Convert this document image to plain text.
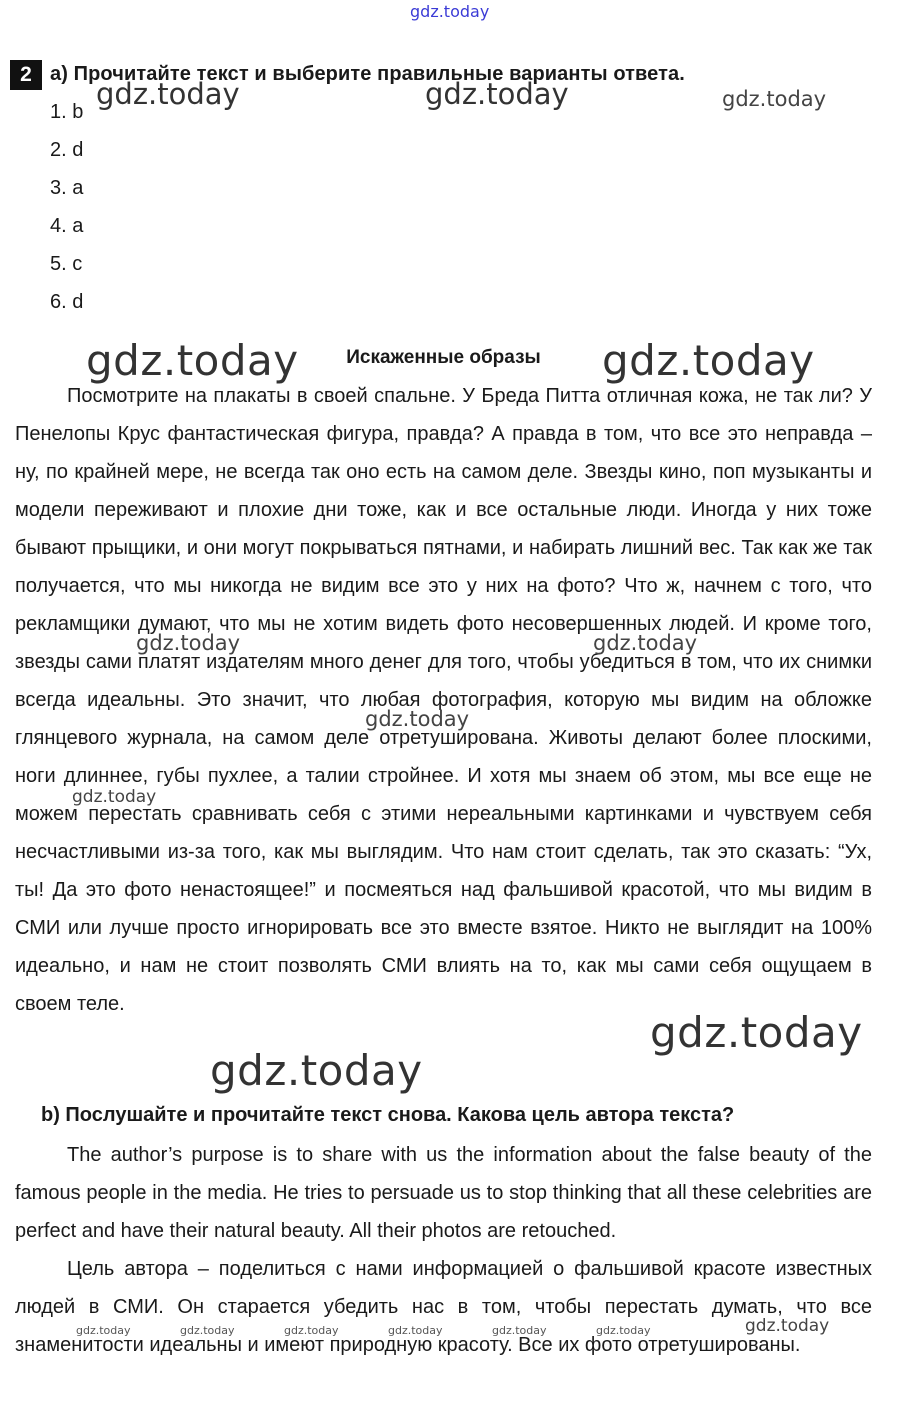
gdz.today
2 a) Прочитайте текст и выберите правильные варианты ответа.
1. b
2. d
3. a
4. a
5. c
6. d
Искаженные образы

Посмотрите на плакаты в своей спальне. У Бреда Питта отличная кожа, не так ли? У Пенелопы Крус фантастическая фигура, правда? А правда в том, что все это неправда – ну, по крайней мере, не всегда так оно есть на самом деле. Звезды кино, поп музыканты и модели переживают и плохие дни тоже, как и все остальные люди. Иногда у них тоже бывают прыщики, и они могут покрываться пятнами, и набирать лишний вес. Так как же так получается, что мы никогда не видим все это у них на фото? Что ж, начнем с того, что рекламщики думают, что мы не хотим видеть фото несовершенных людей. И кроме того, звезды сами платят издателям много денег для того, чтобы убедиться в том, что их снимки всегда идеальны. Это значит, что любая фотография, которую мы видим на обложке глянцевого журнала, на самом деле отретуширована. Животы делают более плоскими, ноги длиннее, губы пухлее, а талии стройнее. И хотя мы знаем об этом, мы все еще не можем перестать сравнивать себя с этими нереальными картинками и чувствуем себя несчастливыми из-за того, как мы выглядим. Что нам стоит сделать, так это сказать: “Ух, ты! Да это фото ненастоящее!” и посмеяться над фальшивой красотой, что мы видим в СМИ или лучше просто игнорировать все это вместе взятое. Никто не выглядит на 100% идеально, и нам не стоит позволять СМИ влиять на то, как мы сами себя ощущаем в своем теле.

b) Послушайте и прочитайте текст снова. Какова цель автора текста?

The author’s purpose is to share with us the information about the false beauty of the famous people in the media. He tries to persuade us to stop thinking that all these celebrities are perfect and have their natural beauty. All their photos are retouched.

Цель автора – поделиться с нами информацией о фальшивой красоте известных людей в СМИ. Он старается убедить нас в том, чтобы перестать думать, что все знаменитости идеальны и имеют природную красоту. Все их фото отретушированы.

gdz.today	gdz.today	gdz.today
gdz.today	gdz.today
gdz.today	gdz.today
gdz.today
gdz.today
gdz.today
gdz.today
gdz.today	gdz.today	gdz.today	gdz.today	gdz.today	gdz.today	gdz.today
